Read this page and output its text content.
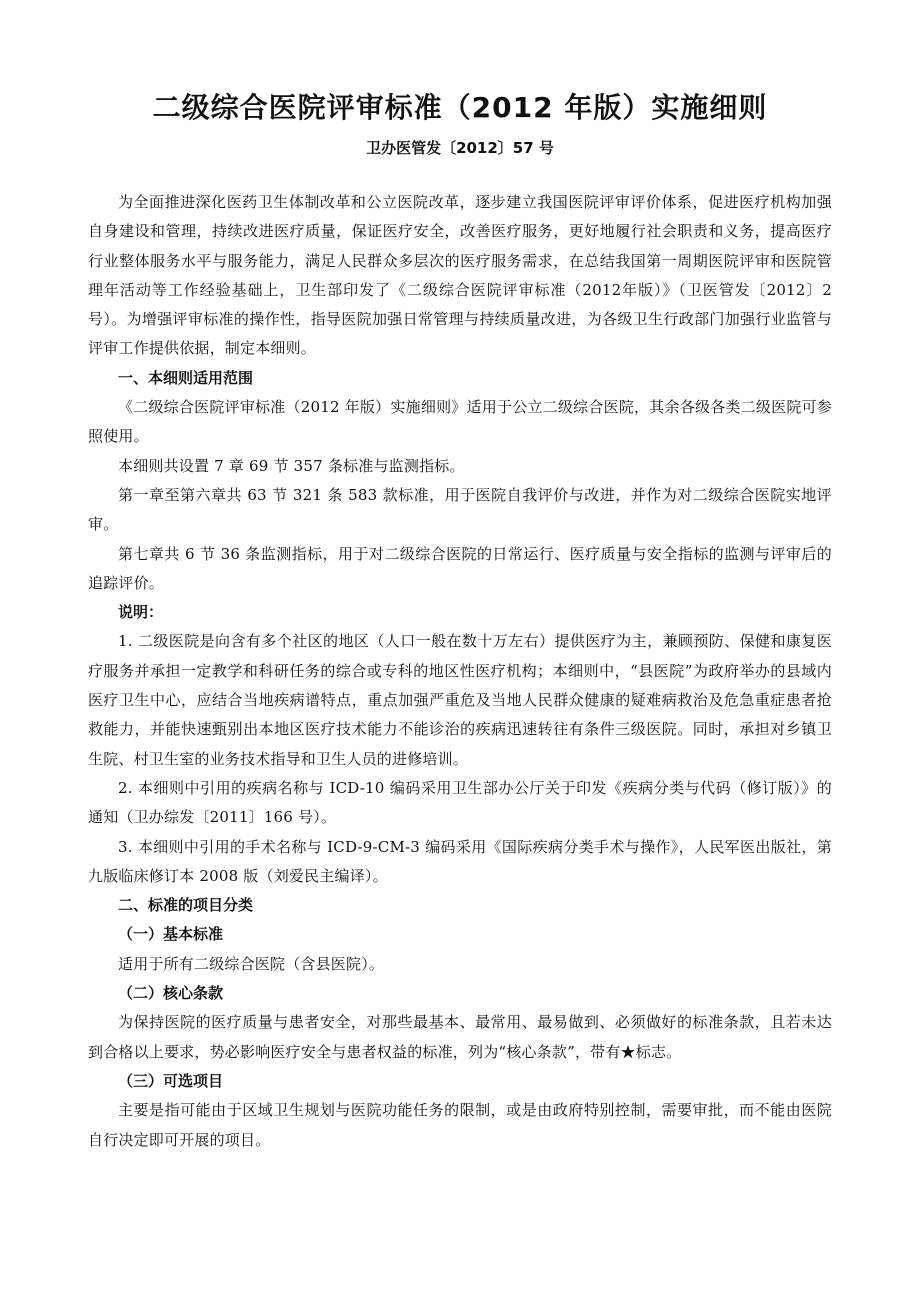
二级综合医院评审标准（2012 年版）实施细则
卫办医管发〔2012〕57 号

为全面推进深化医药卫生体制改革和公立医院改革，逐步建立我国医院评审评价体系，促进医疗机构加强自身建设和管理，持续改进医疗质量，保证医疗安全，改善医疗服务，更好地履行社会职责和义务，提高医疗行业整体服务水平与服务能力，满足人民群众多层次的医疗服务需求，在总结我国第一周期医院评审和医院管理年活动等工作经验基础上，卫生部印发了《二级综合医院评审标准（2012年版）》（卫医管发〔2012〕2 号）。为增强评审标准的操作性，指导医院加强日常管理与持续质量改进，为各级卫生行政部门加强行业监管与评审工作提供依据，制定本细则。

一、本细则适用范围

《二级综合医院评审标准（2012 年版）实施细则》适用于公立二级综合医院，其余各级各类二级医院可参照使用。

本细则共设置 7 章 69 节 357 条标准与监测指标。

第一章至第六章共 63 节 321 条 583 款标准，用于医院自我评价与改进，并作为对二级综合医院实地评审。

第七章共 6 节 36 条监测指标，用于对二级综合医院的日常运行、医疗质量与安全指标的监测与评审后的追踪评价。

说明：

1. 二级医院是向含有多个社区的地区（人口一般在数十万左右）提供医疗为主，兼顾预防、保健和康复医疗服务并承担一定教学和科研任务的综合或专科的地区性医疗机构；本细则中，“县医院”为政府举办的县域内医疗卫生中心，应结合当地疾病谱特点，重点加强严重危及当地人民群众健康的疑难病救治及危急重症患者抢救能力，并能快速甄别出本地区医疗技术能力不能诊治的疾病迅速转往有条件三级医院。同时，承担对乡镇卫生院、村卫生室的业务技术指导和卫生人员的进修培训。

2. 本细则中引用的疾病名称与 ICD-10 编码采用卫生部办公厅关于印发《疾病分类与代码（修订版）》的通知（卫办综发〔2011〕166 号）。

3. 本细则中引用的手术名称与 ICD-9-CM-3 编码采用《国际疾病分类手术与操作》，人民军医出版社，第九版临床修订本 2008 版（刘爱民主编译）。

二、标准的项目分类

（一）基本标准

适用于所有二级综合医院（含县医院）。

（二）核心条款

为保持医院的医疗质量与患者安全，对那些最基本、最常用、最易做到、必须做好的标准条款，且若未达到合格以上要求，势必影响医疗安全与患者权益的标准，列为“核心条款”，带有★标志。

（三）可选项目

主要是指可能由于区域卫生规划与医院功能任务的限制，或是由政府特别控制，需要审批，而不能由医院自行决定即可开展的项目。
